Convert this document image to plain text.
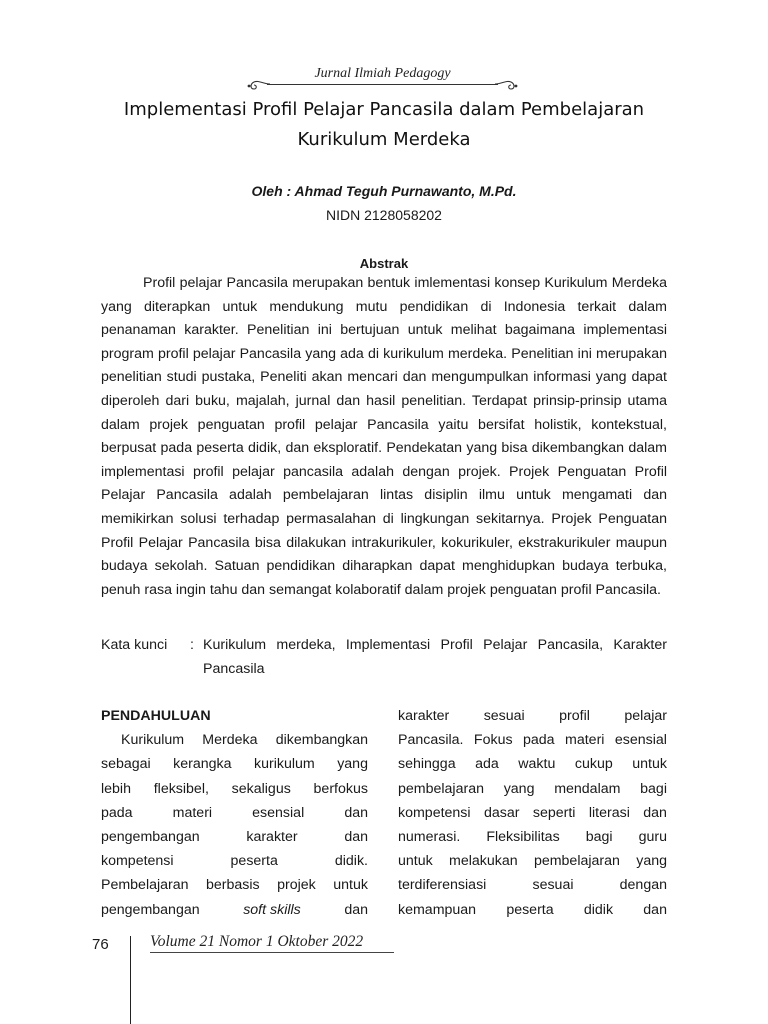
Jurnal Ilmiah Pedagogy
Implementasi Profil Pelajar Pancasila dalam Pembelajaran
Kurikulum Merdeka
Oleh : Ahmad Teguh Purnawanto, M.Pd.
NIDN 2128058202
Abstrak

Profil pelajar Pancasila merupakan bentuk imlementasi konsep Kurikulum Merdeka yang diterapkan untuk mendukung mutu pendidikan di Indonesia terkait dalam penanaman karakter. Penelitian ini bertujuan untuk melihat bagaimana implementasi program profil pelajar Pancasila yang ada di kurikulum merdeka. Penelitian ini merupakan penelitian studi pustaka, Peneliti akan mencari dan mengumpulkan informasi yang dapat diperoleh dari buku, majalah, jurnal dan hasil penelitian. Terdapat prinsip-prinsip utama dalam projek penguatan profil pelajar Pancasila yaitu bersifat holistik, kontekstual, berpusat pada peserta didik, dan eksploratif. Pendekatan yang bisa dikembangkan dalam implementasi profil pelajar pancasila adalah dengan projek. Projek Penguatan Profil Pelajar Pancasila adalah pembelajaran lintas disiplin ilmu untuk mengamati dan memikirkan solusi terhadap permasalahan di lingkungan sekitarnya. Projek Penguatan Profil Pelajar Pancasila bisa dilakukan intrakurikuler, kokurikuler, ekstrakurikuler maupun budaya sekolah. Satuan pendidikan diharapkan dapat menghidupkan budaya terbuka, penuh rasa ingin tahu dan semangat kolaboratif dalam projek penguatan profil Pancasila.

Kata kunci : Kurikulum merdeka, Implementasi Profil Pelajar Pancasila, Karakter Pancasila
PENDAHULUAN
Kurikulum Merdeka dikembangkan
sebagai kerangka kurikulum yang
lebih fleksibel, sekaligus berfokus
pada	materi	esensial	dan
pengembangan	karakter	dan
kompetensi	peserta	didik.
Pembelajaran berbasis projek untuk
pengembangan	soft skills	dan
karakter sesuai profil pelajar
Pancasila. Fokus pada materi esensial
sehingga ada waktu cukup untuk
pembelajaran yang mendalam bagi
kompetensi dasar seperti literasi dan
numerasi. Fleksibilitas bagi guru
untuk melakukan pembelajaran yang
terdiferensiasi	sesuai	dengan
kemampuan peserta didik dan
76	Volume 21 Nomor 1 Oktober 2022
